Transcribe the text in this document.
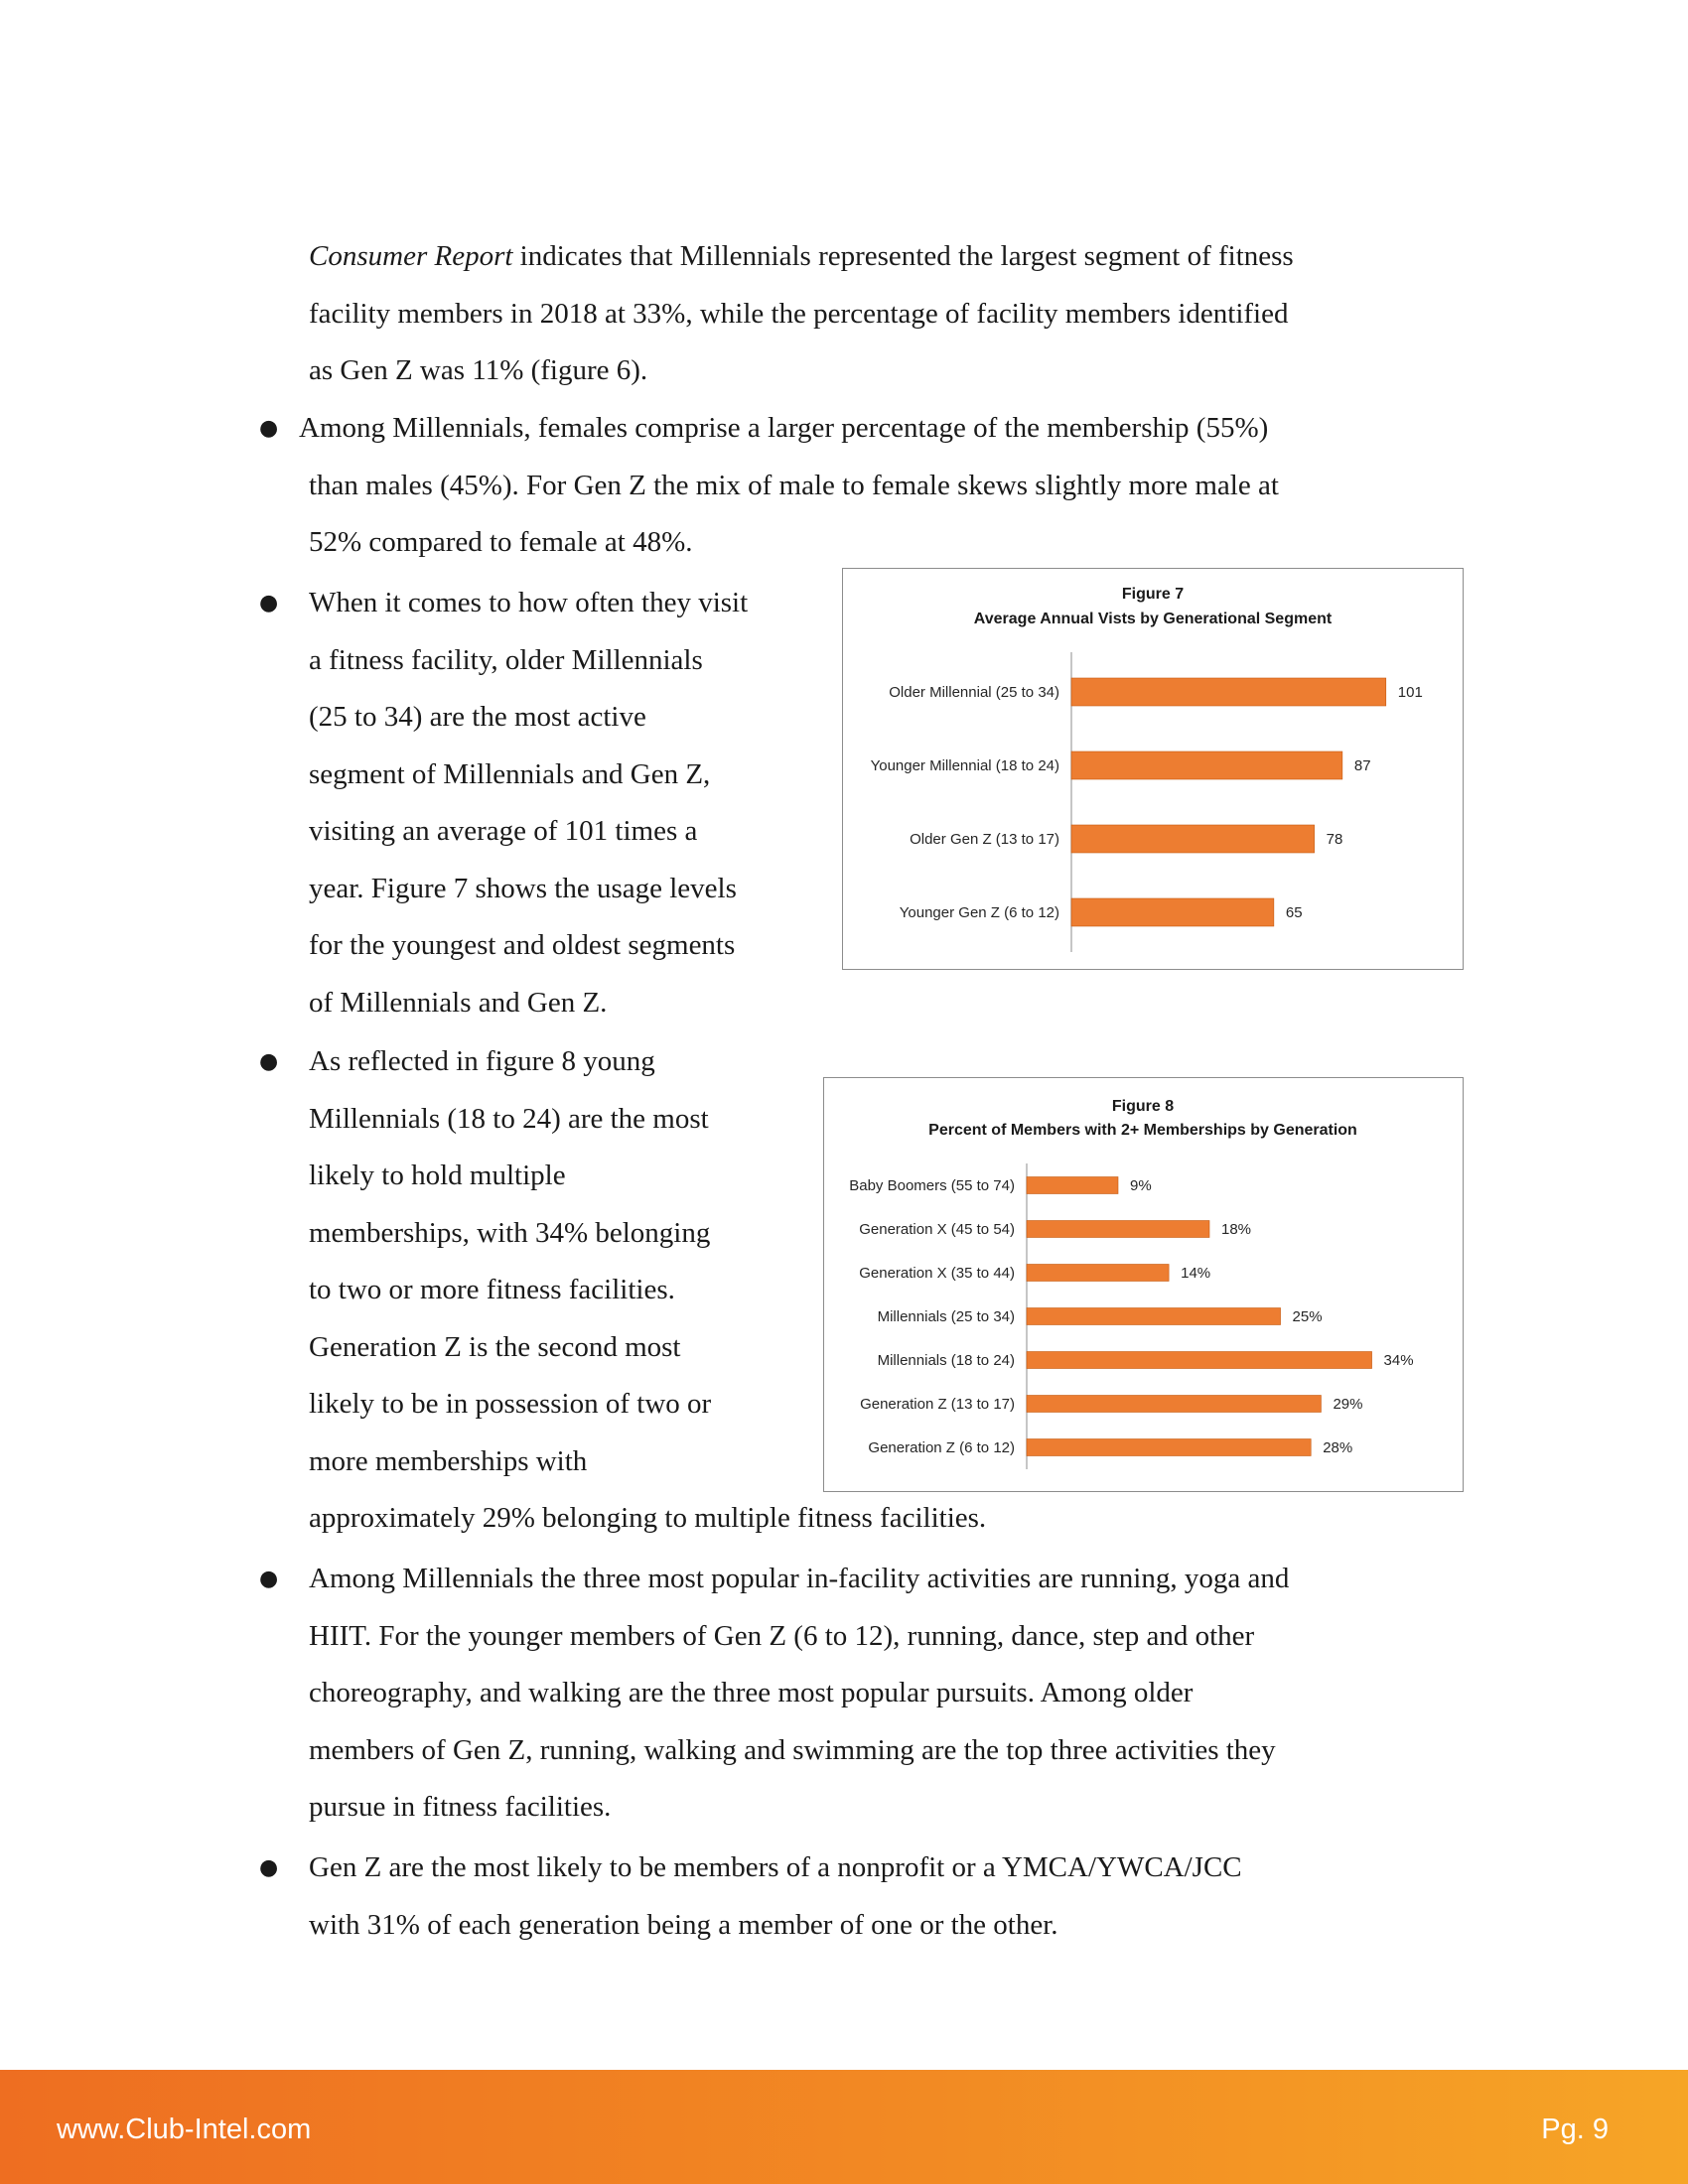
Consumer Report indicates that Millennials represented the largest segment of fitness
facility members in 2018 at 33%, while the percentage of facility members identified
as Gen Z was 11% (figure 6).
● Among Millennials, females comprise a larger percentage of the membership (55%)
than males (45%). For Gen Z the mix of male to female skews slightly more male at
52% compared to female at 48%.
● When it comes to how often they visit
a fitness facility, older Millennials
(25 to 34) are the most active
segment of Millennials and Gen Z,
visiting an average of 101 times a
year. Figure 7 shows the usage levels
for the youngest and oldest segments
of Millennials and Gen Z.
Figure 7
Average Annual Vists by Generational Segment
Older Millennial (25 to 34)	101
Younger Millennial (18 to 24)	87
Older Gen Z (13 to 17)	78
Younger Gen Z (6 to 12)	65
● As reflected in figure 8 young
Millennials (18 to 24) are the most
likely to hold multiple
memberships, with 34% belonging
to two or more fitness facilities.
Generation Z is the second most
likely to be in possession of two or
more memberships with
approximately 29% belonging to multiple fitness facilities.
Figure 8
Percent of Members with 2+ Memberships by Generation
Baby Boomers (55 to 74)	9%
Generation X (45 to 54)	18%
Generation X (35 to 44)	14%
Millennials (25 to 34)	25%
Millennials (18 to 24)	34%
Generation Z (13 to 17)	29%
Generation Z (6 to 12)	28%
● Among Millennials the three most popular in-facility activities are running, yoga and
HIIT. For the younger members of Gen Z (6 to 12), running, dance, step and other
choreography, and walking are the three most popular pursuits. Among older
members of Gen Z, running, walking and swimming are the top three activities they
pursue in fitness facilities.
● Gen Z are the most likely to be members of a nonprofit or a YMCA/YWCA/JCC
with 31% of each generation being a member of one or the other.
www.Club-Intel.com	Pg. 9
